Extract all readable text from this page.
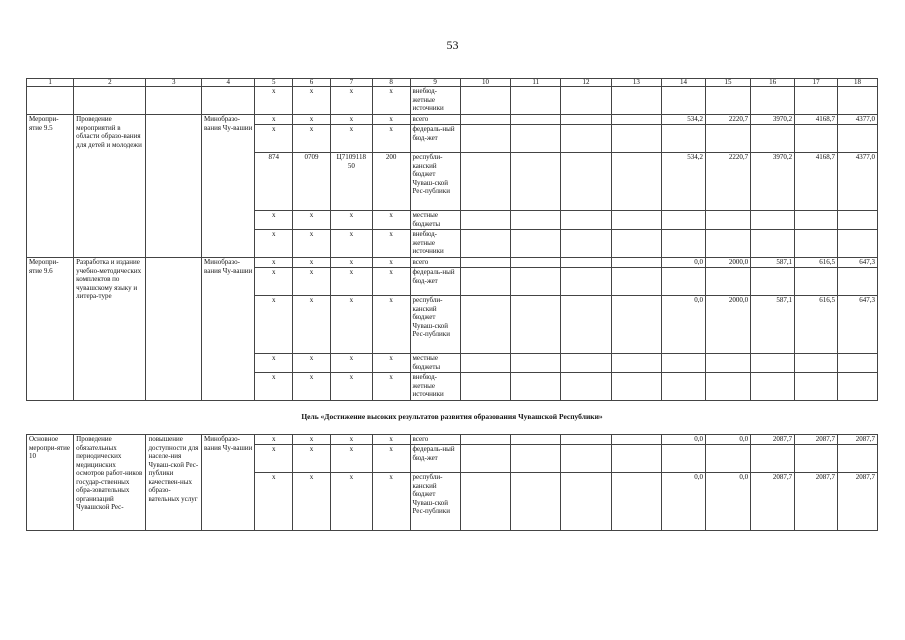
53
1	2	3	4	5	6	7	8	9	10	11	12	13	14	15	16	17	18
				х	х	х	х	внебюд-жетные источники									
Меропри-ятие 9.5	Проведение мероприятий в области образо-вания для детей и молодежи		Минобразо-вания Чу-вашии	х	х	х	х	всего					534,2	2220,7	3970,2	4168,7	4377,0
				х	х	х	х	федераль-ный бюд-жет									
				874	0709	Ц7109118 50	200	республи-канский бюджет Чуваш-ской Рес-публики					534,2	2220,7	3970,2	4168,7	4377,0
				х	х	х	х	местные бюджеты									
				х	х	х	х	внебюд-жетные источники									
Меропри-ятие 9.6	Разработка и издание учебно-методических комплектов по чувашскому языку и литера-туре		Минобразо-вания Чу-вашии	х	х	х	х	всего					0,0	2000,0	587,1	616,5	647,3
				х	х	х	х	федераль-ный бюд-жет									
				х	х	х	х	республи-канский бюджет Чуваш-ской Рес-публики					0,0	2000,0	587,1	616,5	647,3
				х	х	х	х	местные бюджеты									
				х	х	х	х	внебюд-жетные источники									
Цель «Достижение высоких результатов развития образования Чувашской Республики»																	
Основное меропри-ятие 10	Проведение обязательных периодических медицинских осмотров работ-ников государ-ственных обра-зовательных организаций Чувашской Рес-	повышение доступности для населе-ния Чуваш-ской Рес-публики качествен-ных образо-вательных услуг	Минобразо-вания Чу-вашии	х	х	х	х	всего					0,0	0,0	2087,7	2087,7	2087,7
				х	х	х	х	федераль-ный бюд-жет									
				х	х	х	х	республи-канский бюджет Чуваш-ской Рес-публики					0,0	0,0	2087,7	2087,7	2087,7
